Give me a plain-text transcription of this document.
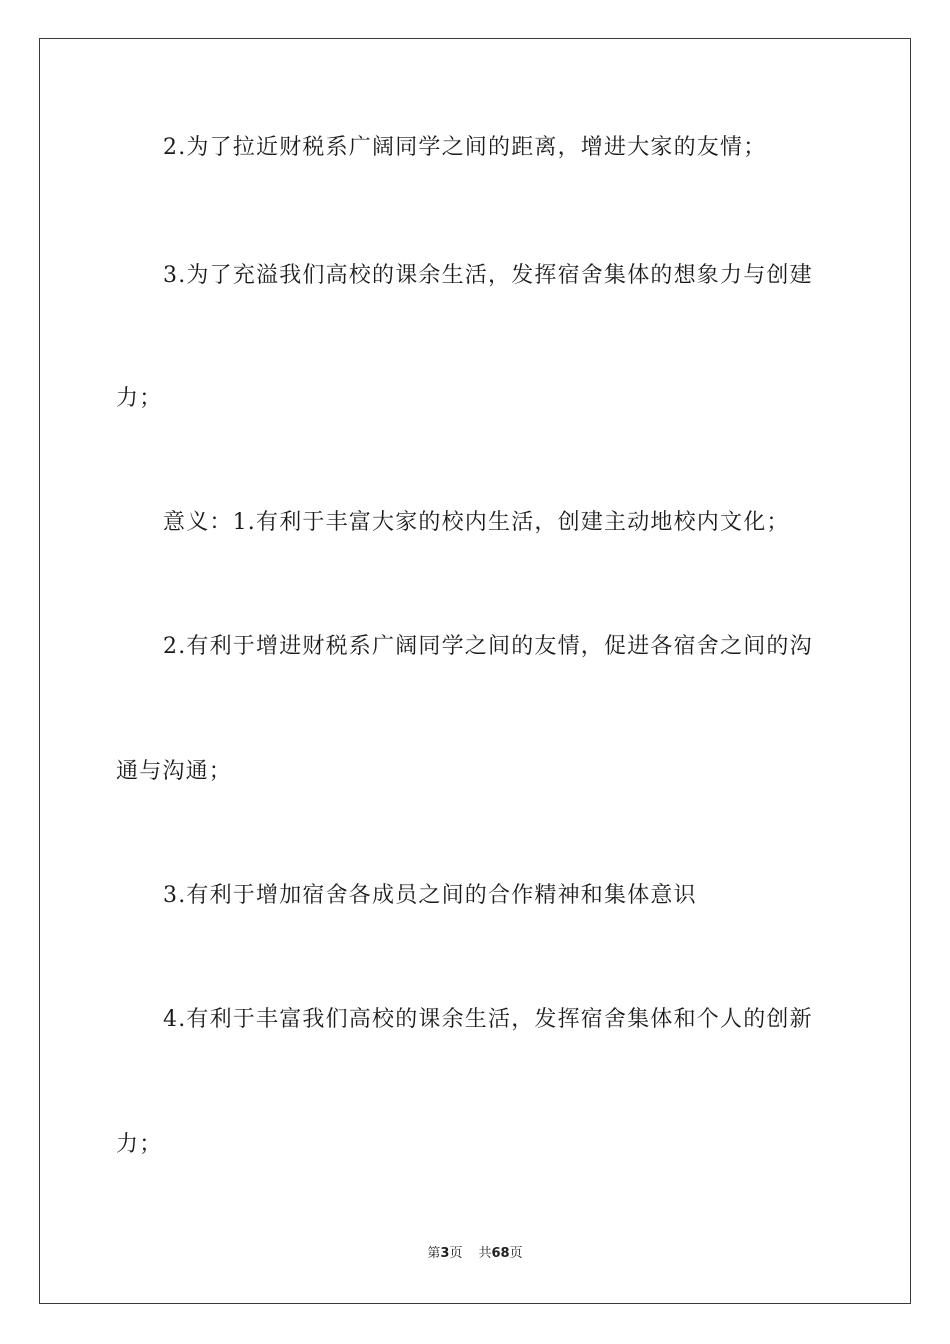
2.为了拉近财税系广阔同学之间的距离，增进大家的友情；
3.为了充溢我们高校的课余生活，发挥宿舍集体的想象力与创建
力；
意义：1.有利于丰富大家的校内生活，创建主动地校内文化；
2.有利于增进财税系广阔同学之间的友情，促进各宿舍之间的沟
通与沟通；
3.有利于增加宿舍各成员之间的合作精神和集体意识
4.有利于丰富我们高校的课余生活，发挥宿舍集体和个人的创新
力；
第3页 共68页
